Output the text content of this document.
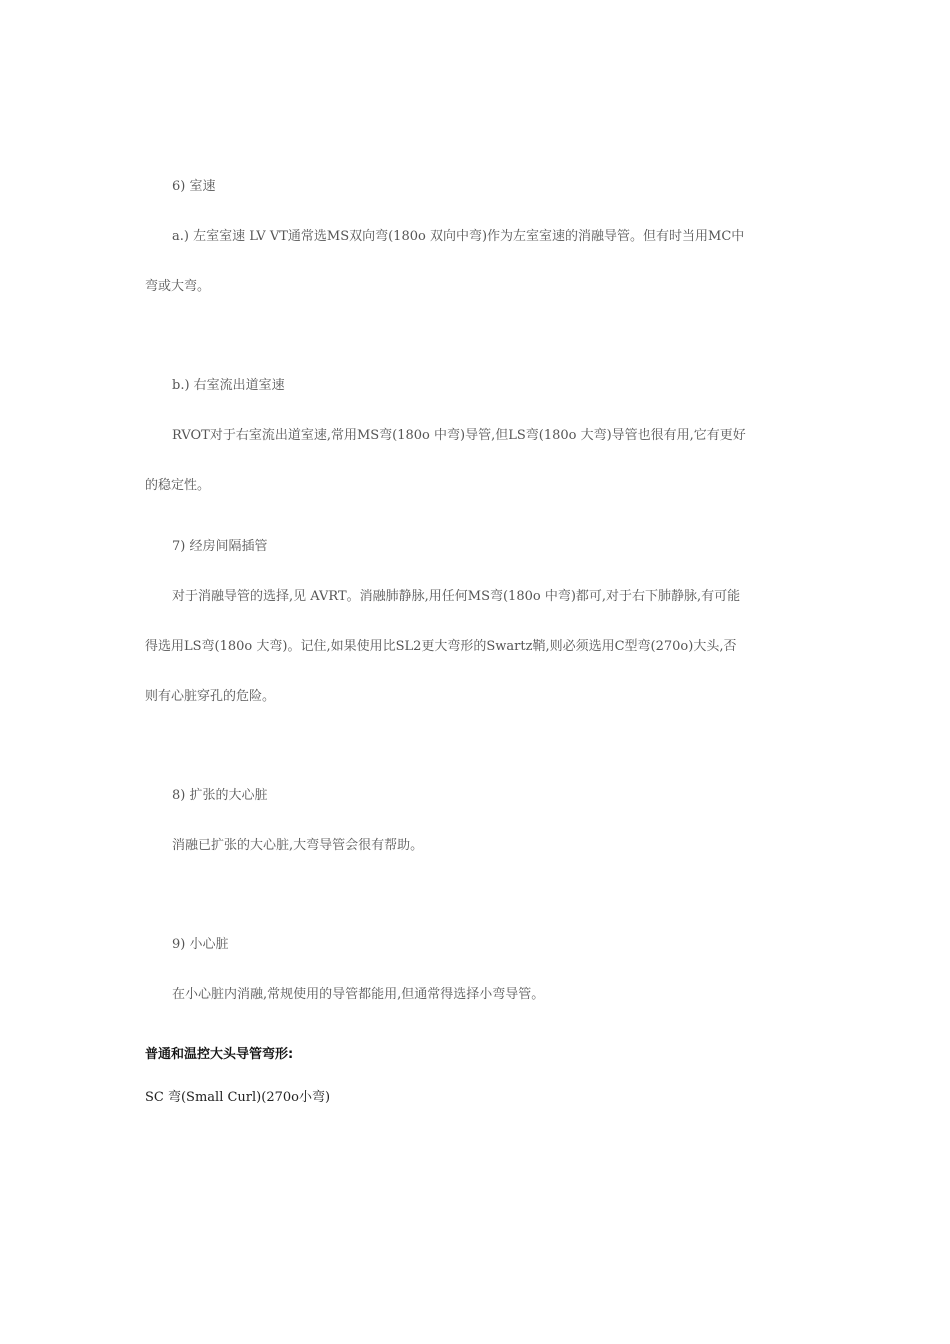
6) 室速
a.) 左室室速 LV VT通常选MS双向弯(180o 双向中弯)作为左室室速的消融导管。但有时当用MC中
弯或大弯。
b.) 右室流出道室速
RVOT对于右室流出道室速,常用MS弯(180o 中弯)导管,但LS弯(180o 大弯)导管也很有用,它有更好
的稳定性。
7) 经房间隔插管
对于消融导管的选择,见 AVRT。消融肺静脉,用任何MS弯(180o 中弯)都可,对于右下肺静脉,有可能
得选用LS弯(180o 大弯)。记住,如果使用比SL2更大弯形的Swartz鞘,则必须选用C型弯(270o)大头,否
则有心脏穿孔的危险。
8) 扩张的大心脏
消融已扩张的大心脏,大弯导管会很有帮助。
9) 小心脏
在小心脏内消融,常规使用的导管都能用,但通常得选择小弯导管。
普通和温控大头导管弯形:
SC 弯(Small Curl)(270o小弯)
